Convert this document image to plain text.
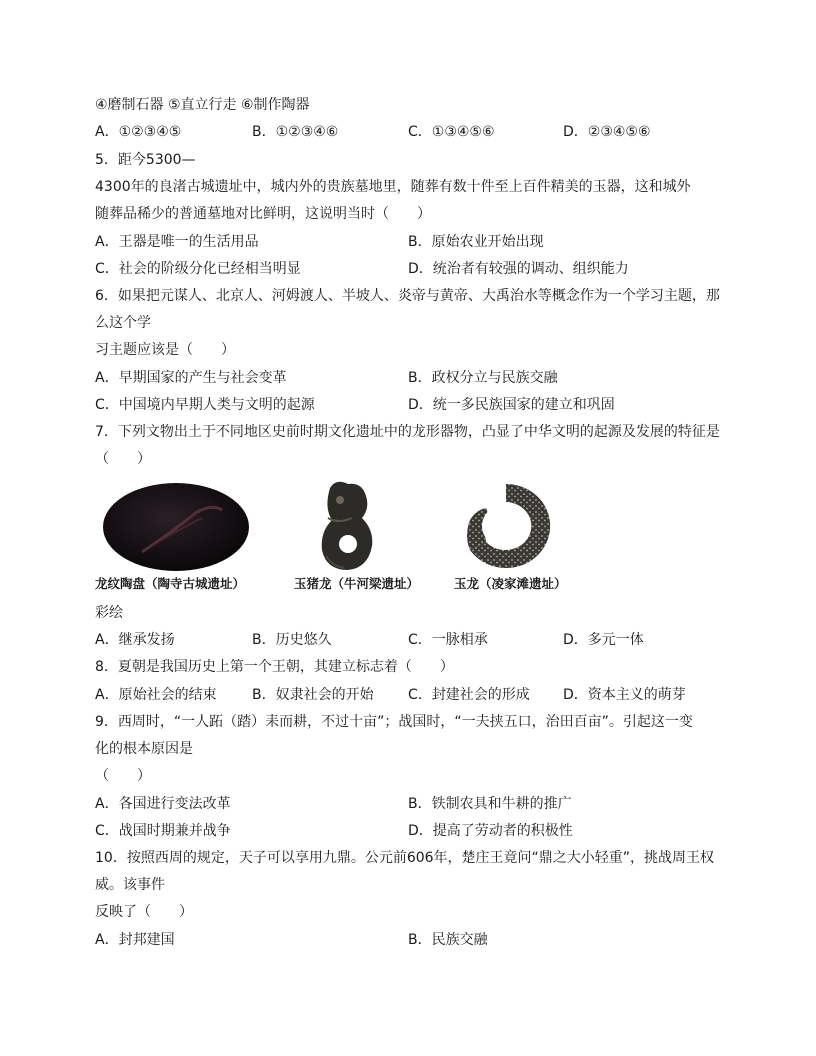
④磨制石器 ⑤直立行走 ⑥制作陶器
A．①②③④⑤	B．①②③④⑥	C．①③④⑤⑥	D．②③④⑤⑥
5．距今5300—
4300年的良渚古城遗址中，城内外的贵族墓地里，随葬有数十件至上百件精美的玉器，这和城外
随葬品稀少的普通墓地对比鲜明，这说明当时（　　）
A．王器是唯一的生活用品	B．原始农业开始出现
C．社会的阶级分化已经相当明显	D．统治者有较强的调动、组织能力
6．如果把元谋人、北京人、河姆渡人、半坡人、炎帝与黄帝、大禹治水等概念作为一个学习主题，那
么这个学
习主题应该是（　　）
A．早期国家的产生与社会变革	B．政权分立与民族交融
C．中国境内早期人类与文明的起源	D．统一多民族国家的建立和巩固
7．下列文物出土于不同地区史前时期文化遗址中的龙形器物，凸显了中华文明的起源及发展的特征是
（　　）
龙纹陶盘（陶寺古城遗址）	玉猪龙（牛河梁遗址）	玉龙（凌家滩遗址）
彩绘
A．继承发扬	B．历史悠久	C．一脉相承	D．多元一体
8．夏朝是我国历史上第一个王朝，其建立标志着（　　）
A．原始社会的结束	B．奴隶社会的开始 C．封建社会的形成 D．资本主义的萌芽
9．西周时，“一人跖（踏）耒而耕，不过十亩”；战国时，“一夫挟五口，治田百亩”。引起这一变
化的根本原因是
（　　）
A．各国进行变法改革	B．铁制农具和牛耕的推广
C．战国时期兼并战争	D．提高了劳动者的积极性
10．按照西周的规定，天子可以享用九鼎。公元前606年，楚庄王竟问“鼎之大小轻重”，挑战周王权
威。该事件
反映了（　　）
A．封邦建国	B．民族交融
